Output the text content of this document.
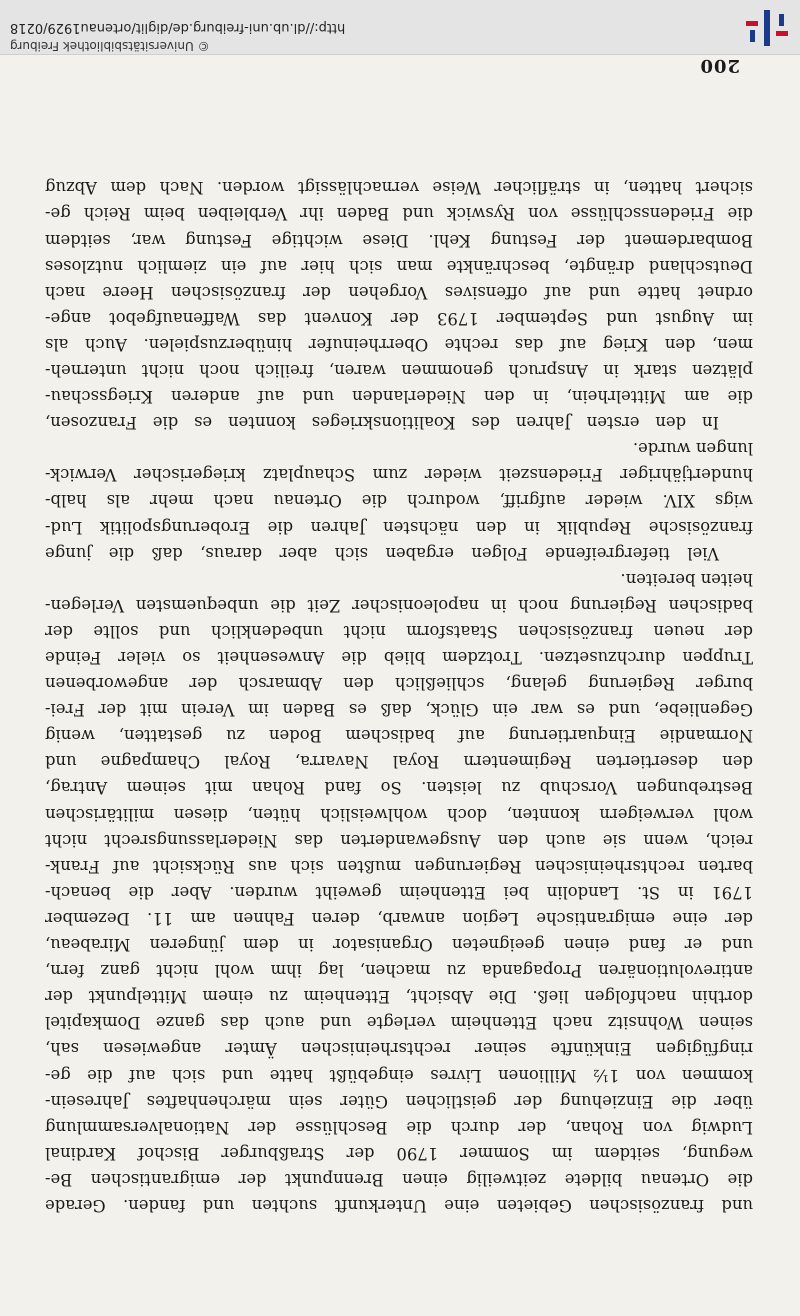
200
und französischen Gebieten eine Unterkunft suchten und fanden. Gerade
die Ortenau bildete zeitweilig einen Brennpunkt der emigrantischen Be-
wegung, seitdem im Sommer 1790 der Straßburger Bischof Kardinal
Ludwig von Rohan, der durch die Beschlüsse der Nationalversammlung
über die Einziehung der geistlichen Güter sein märchenhaftes Jahresein-
kommen von 1½ Millionen Livres eingebüßt hatte und sich auf die ge-
ringfügigen Einkünfte seiner rechtsrheinischen Ämter angewiesen sah,
seinen Wohnsitz nach Ettenheim verlegte und auch das ganze Domkapitel
dorthin nachfolgen ließ. Die Absicht, Ettenheim zu einem Mittelpunkt der
antirevolutionären Propaganda zu machen, lag ihm wohl nicht ganz fern,
und er fand einen geeigneten Organisator in dem jüngeren Mirabeau,
der eine emigrantische Legion anwarb, deren Fahnen am 11. Dezember
1791 in St. Landolin bei Ettenheim geweiht wurden. Aber die benach-
barten rechtsrheinischen Regierungen mußten sich aus Rücksicht auf Frank-
reich, wenn sie auch den Ausgewanderten das Niederlassungsrecht nicht
wohl verweigern konnten, doch wohlweislich hüten, diesen militärischen
Bestrebungen Vorschub zu leisten. So fand Rohan mit seinem Antrag,
den desertierten Regimentern Royal Navarra, Royal Champagne und
Normandie Einquartierung auf badischem Boden zu gestatten, wenig
Gegenliebe, und es war ein Glück, daß es Baden im Verein mit der Frei-
burger Regierung gelang, schließlich den Abmarsch der angeworbenen
Truppen durchzusetzen. Trotzdem blieb die Anwesenheit so vieler Feinde
der neuen französischen Staatsform nicht unbedenklich und sollte der
badischen Regierung noch in napoleonischer Zeit die unbequemsten Verlegen-
heiten bereiten.
Viel tiefergreifende Folgen ergaben sich aber daraus, daß die junge
französische Republik in den nächsten Jahren die Eroberungspolitik Lud-
wigs XIV. wieder aufgriff, wodurch die Ortenau nach mehr als halb-
hundertjähriger Friedenszeit wieder zum Schauplatz kriegerischer Verwick-
lungen wurde.
In den ersten Jahren des Koalitionskrieges konnten es die Franzosen,
die am Mittelrhein, in den Niederlanden und auf anderen Kriegsschau-
plätzen stark in Anspruch genommen waren, freilich noch nicht unterneh-
men, den Krieg auf das rechte Oberrheinufer hinüberzuspielen. Auch als
im August und September 1793 der Konvent das Waffenaufgebot ange-
ordnet hatte und auf offensives Vorgehen der französischen Heere nach
Deutschland drängte, beschränkte man sich hier auf ein ziemlich nutzloses
Bombardement der Festung Kehl. Diese wichtige Festung war, seitdem
die Friedensschlüsse von Ryswick und Baden ihr Verbleiben beim Reich ge-
sichert hatten, in sträflicher Weise vernachlässigt worden. Nach dem Abzug
© Universitätsbibliothek Freiburg
http://dl.ub.uni-freiburg.de/diglit/ortenau1929/0218
